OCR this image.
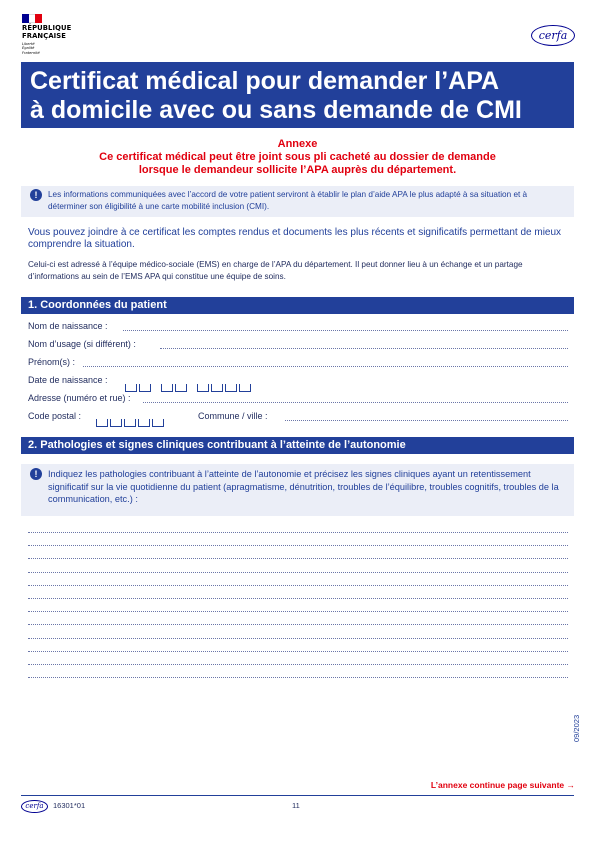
RÉPUBLIQUE
FRANÇAISE
Liberté
Égalité
Fraternité
cerfa
Certificat médical pour demander l’APA
à domicile avec ou sans demande de CMI
Annexe
Ce certificat médical peut être joint sous pli cacheté au dossier de demande
lorsque le demandeur sollicite l’APA auprès du département.
!	Les informations communiquées avec l’accord de votre patient serviront à établir le plan d’aide APA le plus adapté à sa situation et à déterminer son éligibilité à une carte mobilité inclusion (CMI).
Vous pouvez joindre à ce certificat les comptes rendus et documents les plus récents et significatifs permettant de mieux comprendre la situation.
Celui-ci est adressé à l’équipe médico-sociale (EMS) en charge de l’APA du département. Il peut donner lieu à un échange et un partage d’informations au sein de l’EMS APA qui constitue une équipe de soins.
1. Coordonnées du patient
Nom de naissance :
Nom d’usage (si différent) :
Prénom(s) :
Date de naissance :
Adresse (numéro et rue) :
Code postal :	Commune / ville :
2. Pathologies et signes cliniques contribuant à l’atteinte de l’autonomie
!	Indiquez les pathologies contribuant à l’atteinte de l’autonomie et précisez les signes cliniques ayant un retentissement significatif sur la vie quotidienne du patient (apragmatisme, dénutrition, troubles de l’équilibre, troubles cognitifs, troubles de la communication, etc.) :
09/2023
L’annexe continue page suivante →
cerfa	16301*01	11
